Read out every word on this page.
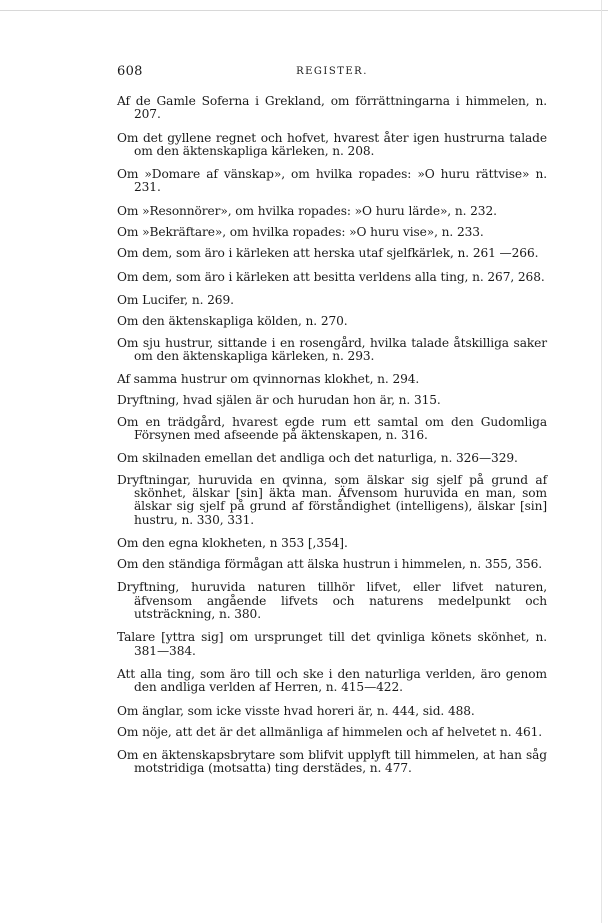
608	REGISTER.

Af de Gamle Soferna i Grekland, om förrättningarna i himmelen, n. 207.

Om det gyllene regnet och hofvet, hvarest åter igen hustrurna talade om den äktenskapliga kärleken, n. 208.

Om »Domare af vänskap», om hvilka ropades: »O huru rättvise» n. 231.

Om »Resonnörer», om hvilka ropades: »O huru lärde», n. 232.

Om »Bekräftare», om hvilka ropades: »O huru vise», n. 233.

Om dem, som äro i kärleken att herska utaf sjelfkärlek, n. 261 —266.

Om dem, som äro i kärleken att besitta verldens alla ting, n. 267, 268.

Om Lucifer, n. 269.

Om den äktenskapliga kölden, n. 270.

Om sju hustrur, sittande i en rosengård, hvilka talade åtskilliga saker om den äktenskapliga kärleken, n. 293.

Af samma hustrur om qvinnornas klokhet, n. 294.

Dryftning, hvad själen är och hurudan hon är, n. 315.

Om en trädgård, hvarest egde rum ett samtal om den Gudomliga Försynen med afseende på äktenskapen, n. 316.

Om skilnaden emellan det andliga och det naturliga, n. 326—329.

Dryftningar, huruvida en qvinna, som älskar sig sjelf på grund af skönhet, älskar [sin] äkta man. Äfvensom huruvida en man, som älskar sig sjelf på grund af förståndighet (intelligens), älskar [sin] hustru, n. 330, 331.

Om den egna klokheten, n 353 [,354].

Om den ständiga förmågan att älska hustrun i himmelen, n. 355, 356.

Dryftning, huruvida naturen tillhör lifvet, eller lifvet naturen, äfvensom angående lifvets och naturens medelpunkt och utsträckning, n. 380.

Talare [yttra sig] om ursprunget till det qvinliga könets skönhet, n. 381—384.

Att alla ting, som äro till och ske i den naturliga verlden, äro genom den andliga verlden af Herren, n. 415—422.

Om änglar, som icke visste hvad horeri är, n. 444, sid. 488.

Om nöje, att det är det allmänliga af himmelen och af helvetet n. 461.

Om en äktenskapsbrytare som blifvit upplyft till himmelen, at han såg motstridiga (motsatta) ting derstädes, n. 477.
